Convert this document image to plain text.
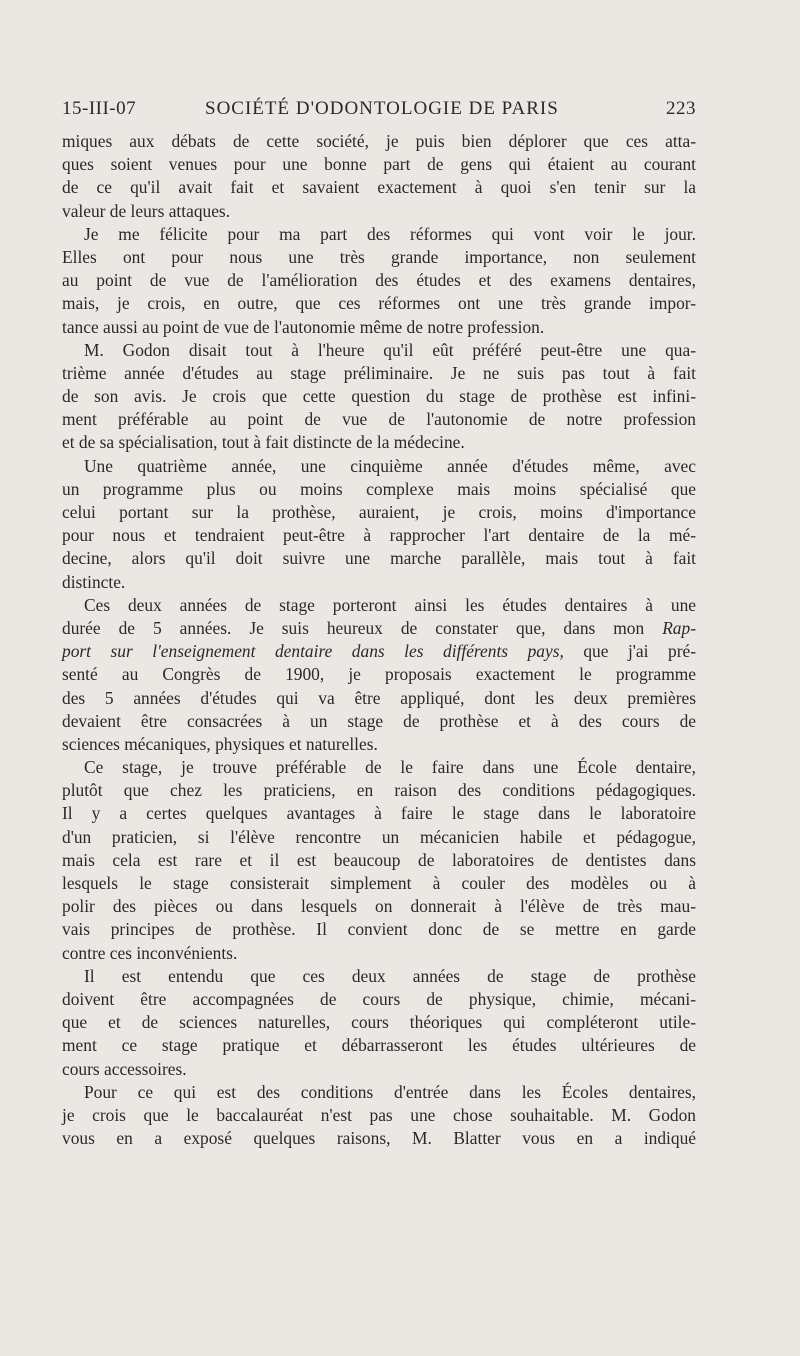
15-III-07	SOCIÉTÉ D'ODONTOLOGIE DE PARIS	223
miques aux débats de cette société, je puis bien déplorer que ces atta-
ques soient venues pour une bonne part de gens qui étaient au courant
de ce qu'il avait fait et savaient exactement à quoi s'en tenir sur la
valeur de leurs attaques.
Je me félicite pour ma part des réformes qui vont voir le jour.
Elles ont pour nous une très grande importance, non seulement
au point de vue de l'amélioration des études et des examens dentaires,
mais, je crois, en outre, que ces réformes ont une très grande impor-
tance aussi au point de vue de l'autonomie même de notre profession.
M. Godon disait tout à l'heure qu'il eût préféré peut-être une qua-
trième année d'études au stage préliminaire. Je ne suis pas tout à fait
de son avis. Je crois que cette question du stage de prothèse est infini-
ment préférable au point de vue de l'autonomie de notre profession
et de sa spécialisation, tout à fait distincte de la médecine.
Une quatrième année, une cinquième année d'études même, avec
un programme plus ou moins complexe mais moins spécialisé que
celui portant sur la prothèse, auraient, je crois, moins d'importance
pour nous et tendraient peut-être à rapprocher l'art dentaire de la mé-
decine, alors qu'il doit suivre une marche parallèle, mais tout à fait
distincte.
Ces deux années de stage porteront ainsi les études dentaires à une
durée de 5 années. Je suis heureux de constater que, dans mon Rap-
port sur l'enseignement dentaire dans les différents pays, que j'ai pré-
senté au Congrès de 1900, je proposais exactement le programme
des 5 années d'études qui va être appliqué, dont les deux premières
devaient être consacrées à un stage de prothèse et à des cours de
sciences mécaniques, physiques et naturelles.
Ce stage, je trouve préférable de le faire dans une École dentaire,
plutôt que chez les praticiens, en raison des conditions pédagogiques.
Il y a certes quelques avantages à faire le stage dans le laboratoire
d'un praticien, si l'élève rencontre un mécanicien habile et pédagogue,
mais cela est rare et il est beaucoup de laboratoires de dentistes dans
lesquels le stage consisterait simplement à couler des modèles ou à
polir des pièces ou dans lesquels on donnerait à l'élève de très mau-
vais principes de prothèse. Il convient donc de se mettre en garde
contre ces inconvénients.
Il est entendu que ces deux années de stage de prothèse
doivent être accompagnées de cours de physique, chimie, mécani-
que et de sciences naturelles, cours théoriques qui compléteront utile-
ment ce stage pratique et débarrasseront les études ultérieures de
cours accessoires.
Pour ce qui est des conditions d'entrée dans les Écoles dentaires,
je crois que le baccalauréat n'est pas une chose souhaitable. M. Godon
vous en a exposé quelques raisons, M. Blatter vous en a indiqué
